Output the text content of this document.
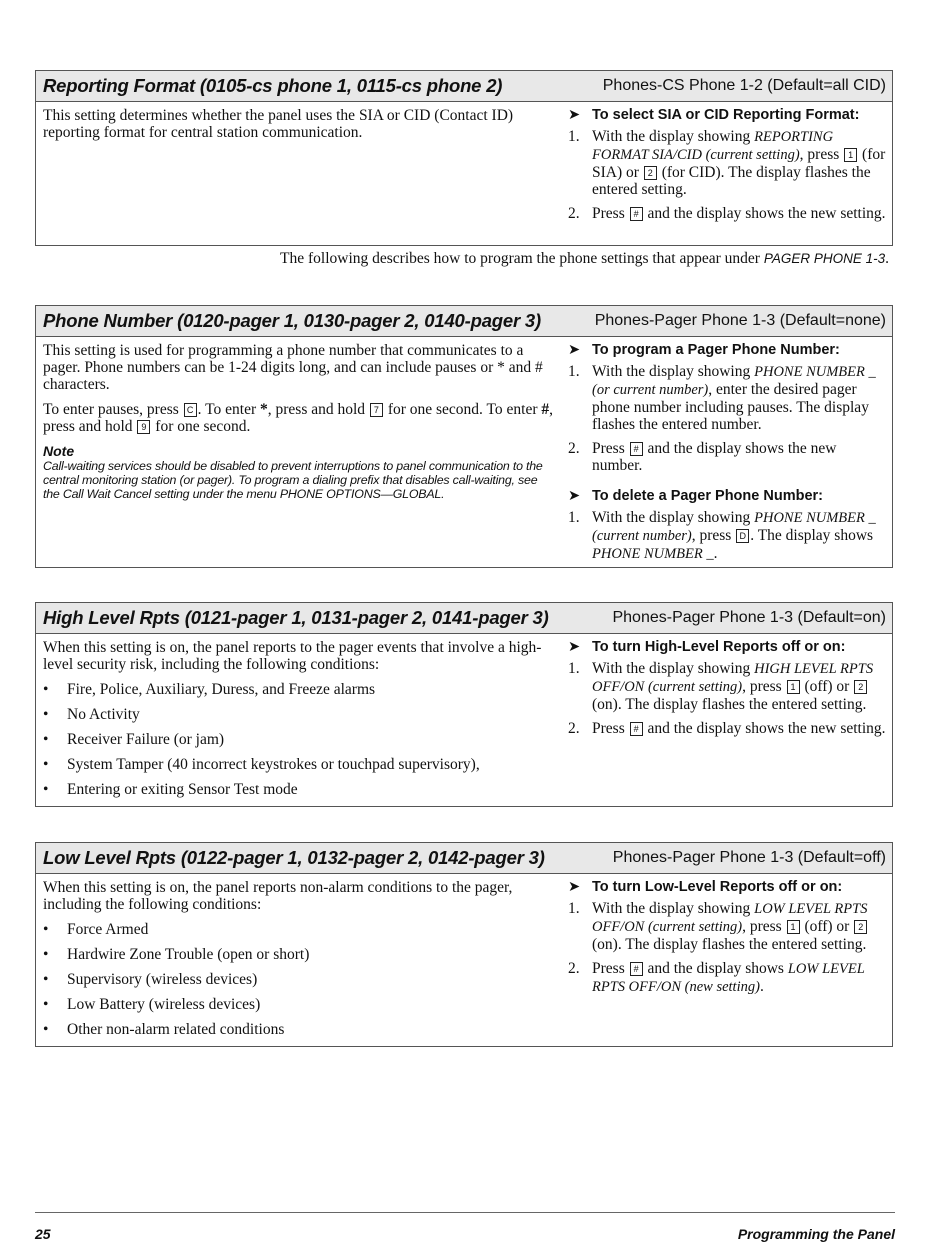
Reporting Format (0105-cs phone 1, 0115-cs phone 2)	Phones-CS Phone 1-2 (Default=all CID)

This setting determines whether the panel uses the SIA or CID (Contact ID) reporting format for central station communication.

➤ To select SIA or CID Reporting Format:
1. With the display showing REPORTING FORMAT SIA/CID (current setting), press 1 (for SIA) or 2 (for CID). The display flashes the entered setting.
2. Press # and the display shows the new setting.
The following describes how to program the phone settings that appear under PAGER PHONE 1-3.
Phone Number (0120-pager 1, 0130-pager 2, 0140-pager 3)	Phones-Pager Phone 1-3 (Default=none)

This setting is used for programming a phone number that communicates to a pager. Phone numbers can be 1-24 digits long, and can include pauses or * and # characters.

To enter pauses, press C . To enter *, press and hold 7 for one second. To enter #, press and hold 9 for one second.

Note
Call-waiting services should be disabled to prevent interruptions to panel communication to the central monitoring station (or pager). To program a dialing prefix that disables call-waiting, see the Call Wait Cancel setting under the menu PHONE OPTIONS—GLOBAL.
➤ To program a Pager Phone Number:
1. With the display showing PHONE NUMBER _ (or current number), enter the desired pager phone number including pauses. The display flashes the entered number.
2. Press # and the display shows the new number.
➤ To delete a Pager Phone Number:
1. With the display showing PHONE NUMBER _ (current number), press D . The display shows PHONE NUMBER _.
High Level Rpts (0121-pager 1, 0131-pager 2, 0141-pager 3)	Phones-Pager Phone 1-3 (Default=on)

When this setting is on, the panel reports to the pager events that involve a high-level security risk, including the following conditions:

• Fire, Police, Auxiliary, Duress, and Freeze alarms
• No Activity
• Receiver Failure (or jam)
• System Tamper (40 incorrect keystrokes or touchpad supervisory),
• Entering or exiting Sensor Test mode
➤ To turn High-Level Reports off or on:
1. With the display showing HIGH LEVEL RPTS OFF/ON (current setting), press 1 (off) or 2 (on). The display flashes the entered setting.
2. Press # and the display shows the new setting.
Low Level Rpts (0122-pager 1, 0132-pager 2, 0142-pager 3)	Phones-Pager Phone 1-3 (Default=off)

When this setting is on, the panel reports non-alarm conditions to the pager, including the following conditions:

• Force Armed
• Hardwire Zone Trouble (open or short)
• Supervisory (wireless devices)
• Low Battery (wireless devices)
• Other non-alarm related conditions
➤ To turn Low-Level Reports off or on:
1. With the display showing LOW LEVEL RPTS OFF/ON (current setting), press 1 (off) or 2 (on). The display flashes the entered setting.
2. Press # and the display shows LOW LEVEL RPTS OFF/ON (new setting).
25	Programming the Panel
